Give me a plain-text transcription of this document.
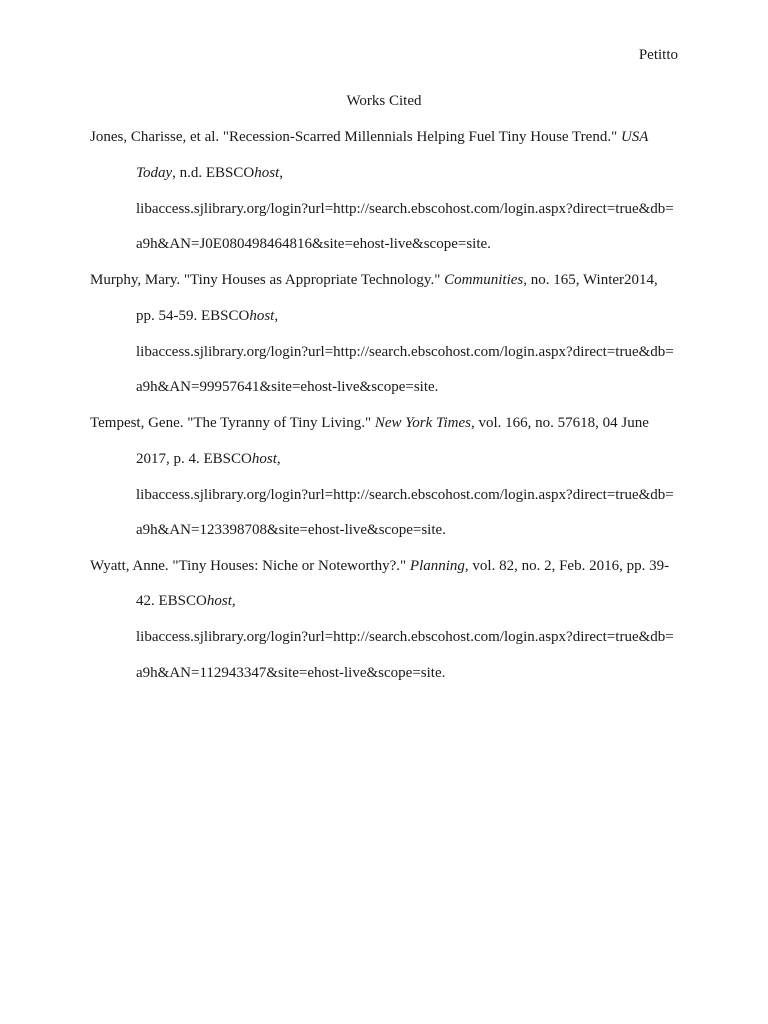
Petitto
Works Cited
Jones, Charisse, et al. "Recession-Scarred Millennials Helping Fuel Tiny House Trend." USA
Today, n.d. EBSCOhost,
libaccess.sjlibrary.org/login?url=http://search.ebscohost.com/login.aspx?direct=true&db=
a9h&AN=J0E080498464816&site=ehost-live&scope=site.
Murphy, Mary. "Tiny Houses as Appropriate Technology." Communities, no. 165, Winter2014,
pp. 54-59. EBSCOhost,
libaccess.sjlibrary.org/login?url=http://search.ebscohost.com/login.aspx?direct=true&db=
a9h&AN=99957641&site=ehost-live&scope=site.
Tempest, Gene. "The Tyranny of Tiny Living." New York Times, vol. 166, no. 57618, 04 June
2017, p. 4. EBSCOhost,
libaccess.sjlibrary.org/login?url=http://search.ebscohost.com/login.aspx?direct=true&db=
a9h&AN=123398708&site=ehost-live&scope=site.
Wyatt, Anne. "Tiny Houses: Niche or Noteworthy?." Planning, vol. 82, no. 2, Feb. 2016, pp. 39-
42. EBSCOhost,
libaccess.sjlibrary.org/login?url=http://search.ebscohost.com/login.aspx?direct=true&db=
a9h&AN=112943347&site=ehost-live&scope=site.
